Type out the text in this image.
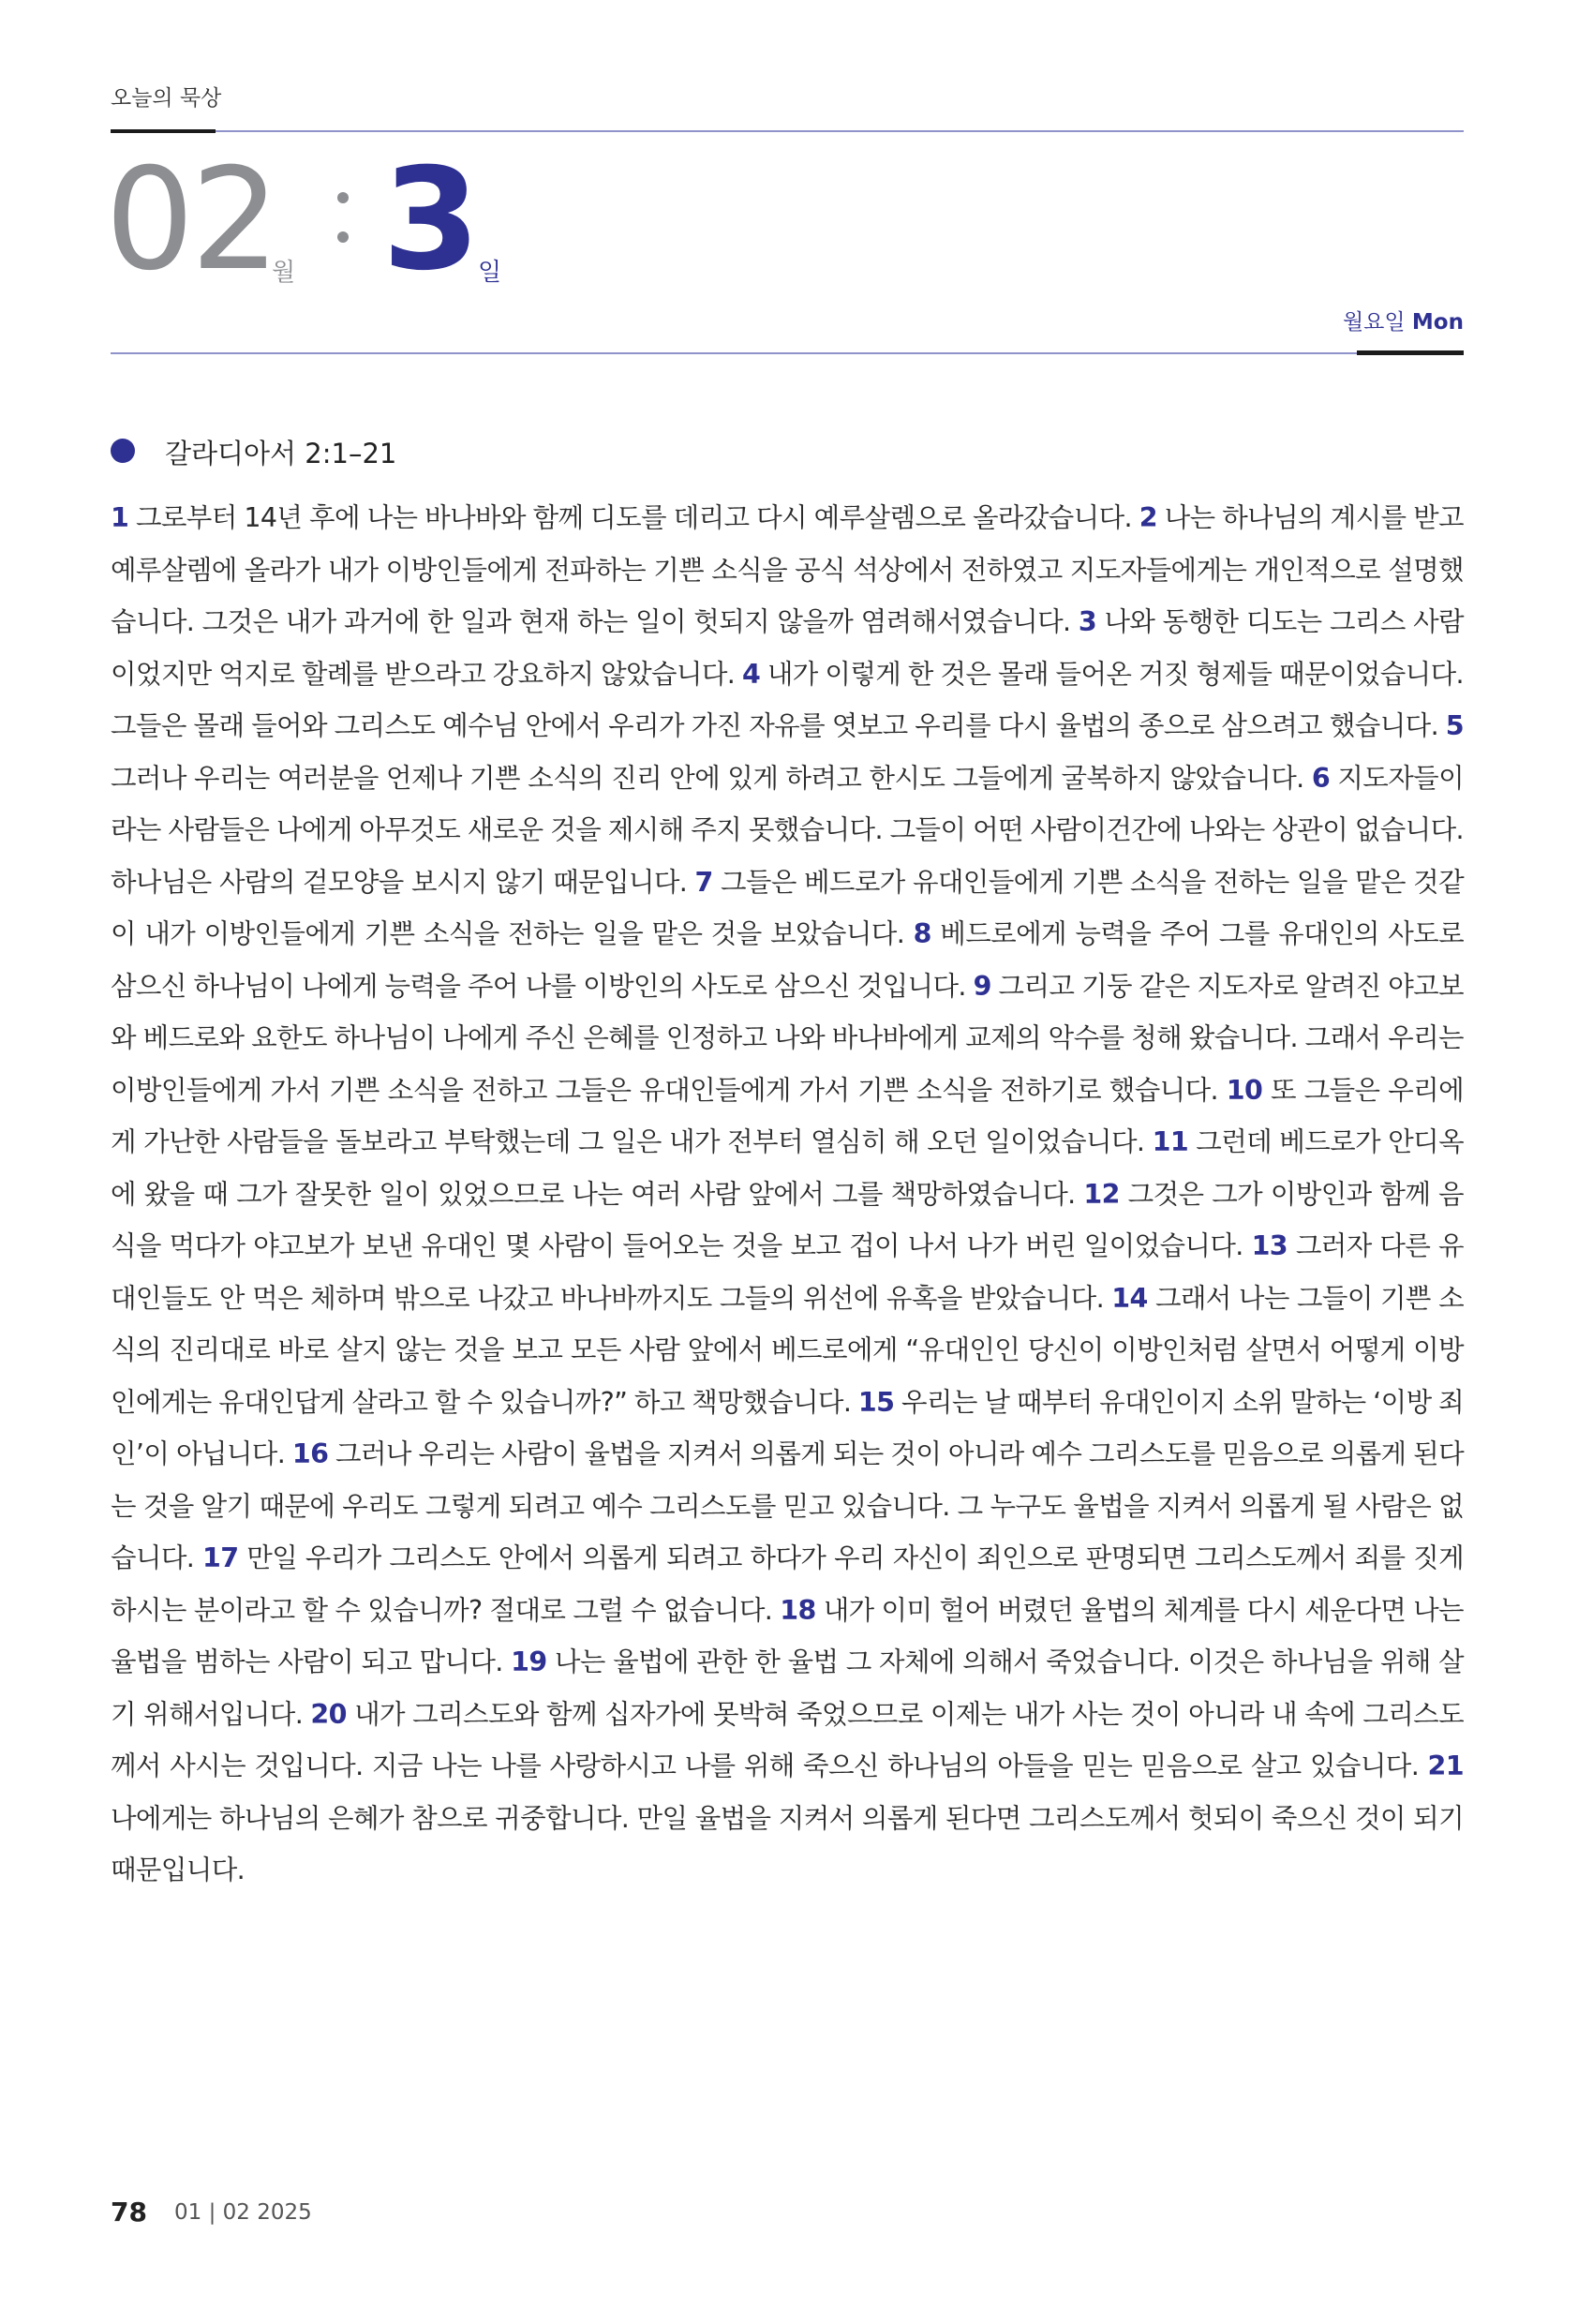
오늘의 묵상
02
월 3
일
월요일 Mon
갈라디아서 2:1–21
1 그로부터 14년 후에 나는 바나바와 함께 디도를 데리고 다시 예루살렘으로 올라갔습니다. 2 나는 하나님의 계시를 받고 예루살렘에 올라가 내가 이방인들에게 전파하는 기쁜 소식을 공식 석상에서 전하였고 지도자들에게는 개인적으로 설명했습니다. 그것은 내가 과거에 한 일과 현재 하는 일이 헛되지 않을까 염려해서였습니다. 3 나와 동행한 디도는 그리스 사람이었지만 억지로 할례를 받으라고 강요하지 않았습니다. 4 내가 이렇게 한 것은 몰래 들어온 거짓 형제들 때문이었습니다. 그들은 몰래 들어와 그리스도 예수님 안에서 우리가 가진 자유를 엿보고 우리를 다시 율법의 종으로 삼으려고 했습니다. 5 그러나 우리는 여러분을 언제나 기쁜 소식의 진리 안에 있게 하려고 한시도 그들에게 굴복하지 않았습니다. 6 지도자들이라는 사람들은 나에게 아무것도 새로운 것을 제시해 주지 못했습니다. 그들이 어떤 사람이건간에 나와는 상관이 없습니다. 하나님은 사람의 겉모양을 보시지 않기 때문입니다. 7 그들은 베드로가 유대인들에게 기쁜 소식을 전하는 일을 맡은 것같이 내가 이방인들에게 기쁜 소식을 전하는 일을 맡은 것을 보았습니다. 8 베드로에게 능력을 주어 그를 유대인의 사도로 삼으신 하나님이 나에게 능력을 주어 나를 이방인의 사도로 삼으신 것입니다. 9 그리고 기둥 같은 지도자로 알려진 야고보와 베드로와 요한도 하나님이 나에게 주신 은혜를 인정하고 나와 바나바에게 교제의 악수를 청해 왔습니다. 그래서 우리는 이방인들에게 가서 기쁜 소식을 전하고 그들은 유대인들에게 가서 기쁜 소식을 전하기로 했습니다. 10 또 그들은 우리에게 가난한 사람들을 돌보라고 부탁했는데 그 일은 내가 전부터 열심히 해 오던 일이었습니다. 11 그런데 베드로가 안디옥에 왔을 때 그가 잘못한 일이 있었으므로 나는 여러 사람 앞에서 그를 책망하였습니다. 12 그것은 그가 이방인과 함께 음식을 먹다가 야고보가 보낸 유대인 몇 사람이 들어오는 것을 보고 겁이 나서 나가 버린 일이었습니다. 13 그러자 다른 유대인들도 안 먹은 체하며 밖으로 나갔고 바나바까지도 그들의 위선에 유혹을 받았습니다. 14 그래서 나는 그들이 기쁜 소식의 진리대로 바로 살지 않는 것을 보고 모든 사람 앞에서 베드로에게 “유대인인 당신이 이방인처럼 살면서 어떻게 이방인에게는 유대인답게 살라고 할 수 있습니까?” 하고 책망했습니다. 15 우리는 날 때부터 유대인이지 소위 말하는 ‘이방 죄인’이 아닙니다. 16 그러나 우리는 사람이 율법을 지켜서 의롭게 되는 것이 아니라 예수 그리스도를 믿음으로 의롭게 된다는 것을 알기 때문에 우리도 그렇게 되려고 예수 그리스도를 믿고 있습니다. 그 누구도 율법을 지켜서 의롭게 될 사람은 없습니다. 17 만일 우리가 그리스도 안에서 의롭게 되려고 하다가 우리 자신이 죄인으로 판명되면 그리스도께서 죄를 짓게 하시는 분이라고 할 수 있습니까? 절대로 그럴 수 없습니다. 18 내가 이미 헐어 버렸던 율법의 체계를 다시 세운다면 나는 율법을 범하는 사람이 되고 맙니다. 19 나는 율법에 관한 한 율법 그 자체에 의해서 죽었습니다. 이것은 하나님을 위해 살기 위해서입니다. 20 내가 그리스도와 함께 십자가에 못박혀 죽었으므로 이제는 내가 사는 것이 아니라 내 속에 그리스도께서 사시는 것입니다. 지금 나는 나를 사랑하시고 나를 위해 죽으신 하나님의 아들을 믿는 믿음으로 살고 있습니다. 21 나에게는 하나님의 은혜가 참으로 귀중합니다. 만일 율법을 지켜서 의롭게 된다면 그리스도께서 헛되이 죽으신 것이 되기 때문입니다.
78 01 | 02 2025
